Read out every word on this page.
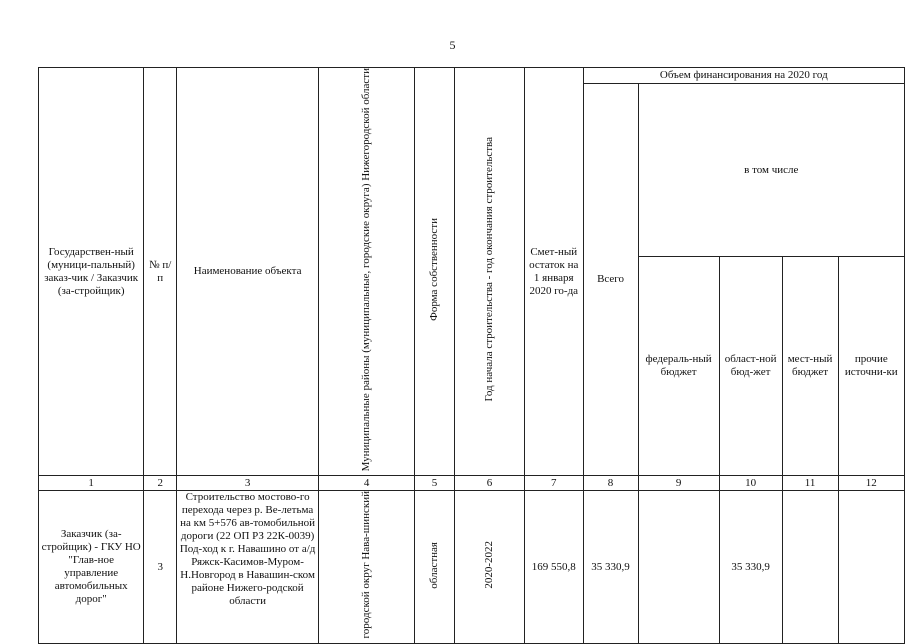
5
Государствен-ный (муници-пальный) заказ-чик / Заказчик (за-стройщик)	№ п/п	Наименование объекта	Муниципальные районы (муниципальные, городские округа) Нижегородской области	Форма собственности	Год начала строительства - год окончания строительства	Смет-ный остаток на 1 января 2020 го-да	Объем финансирования на 2020 год				
							Всего	в том числе			
								федераль-ный бюджет	област-ной бюд-жет	мест-ный бюджет	прочие источни-ки
1	2	3	4	5	6	7	8	9	10	11	12
Заказчик (за-стройщик) - ГКУ НО "Глав-ное управление автомобильных дорог"	3	Строительство мостово-го перехода через р. Ве-летьма на км 5+576 ав-томобильной дороги (22 ОП РЗ 22К-0039) Под-ход к г. Навашино от а/д Ряжск-Касимов-Муром-Н.Новгород в Навашин-ском районе Нижего-родской области	городской округ Нава-шинский	областная	2020-2022	169 550,8	35 330,9		35 330,9		
